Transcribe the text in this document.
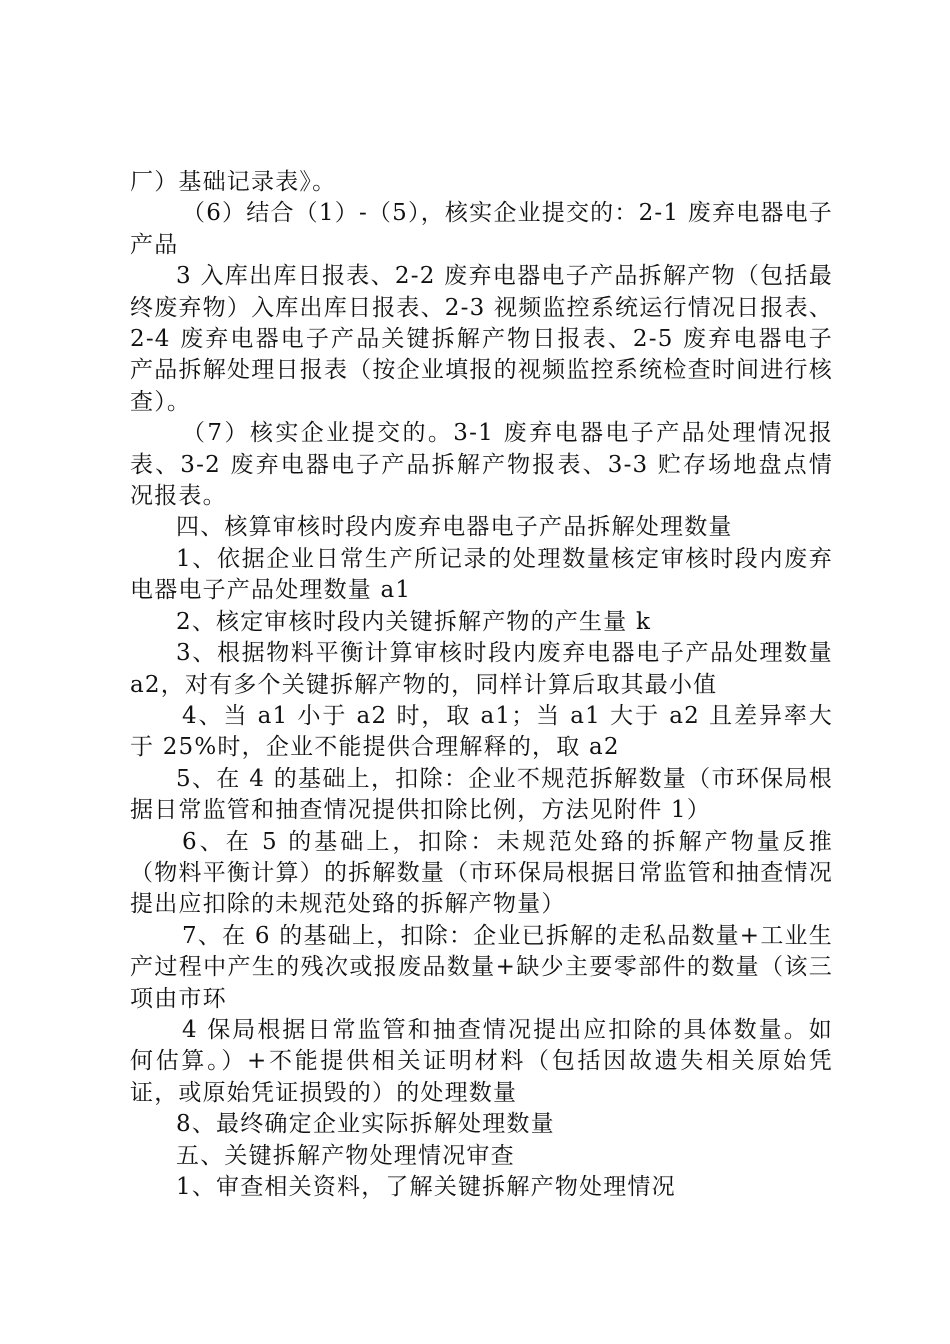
厂）基础记录表》。

（6）结合（1）-（5），核实企业提交的：2-1 废弃电器电子产品

3 入库出库日报表、2-2 废弃电器电子产品拆解产物（包括最终废弃物）入库出库日报表、2-3 视频监控系统运行情况日报表、2-4 废弃电器电子产品关键拆解产物日报表、2-5 废弃电器电子产品拆解处理日报表（按企业填报的视频监控系统检查时间进行核查）。

（7）核实企业提交的。3-1 废弃电器电子产品处理情况报表、3-2 废弃电器电子产品拆解产物报表、3-3 贮存场地盘点情况报表。

四、核算审核时段内废弃电器电子产品拆解处理数量

1、依据企业日常生产所记录的处理数量核定审核时段内废弃电器电子产品处理数量 a1

2、核定审核时段内关键拆解产物的产生量 k

3、根据物料平衡计算审核时段内废弃电器电子产品处理数量 a2，对有多个关键拆解产物的，同样计算后取其最小值

4、当 a1 小于 a2 时，取 a1；当 a1 大于 a2 且差异率大于 25%时，企业不能提供合理解释的，取 a2

5、在 4 的基础上，扣除：企业不规范拆解数量（市环保局根据日常监管和抽查情况提供扣除比例，方法见附件 1）

6、在 5 的基础上，扣除：未规范处臵的拆解产物量反推（物料平衡计算）的拆解数量（市环保局根据日常监管和抽查情况提出应扣除的未规范处臵的拆解产物量）

7、在 6 的基础上，扣除：企业已拆解的走私品数量+工业生产过程中产生的残次或报废品数量+缺少主要零部件的数量（该三项由市环

4 保局根据日常监管和抽查情况提出应扣除的具体数量。如何估算。）+不能提供相关证明材料（包括因故遗失相关原始凭证，或原始凭证损毁的）的处理数量

8、最终确定企业实际拆解处理数量

五、关键拆解产物处理情况审查

1、审查相关资料，了解关键拆解产物处理情况
